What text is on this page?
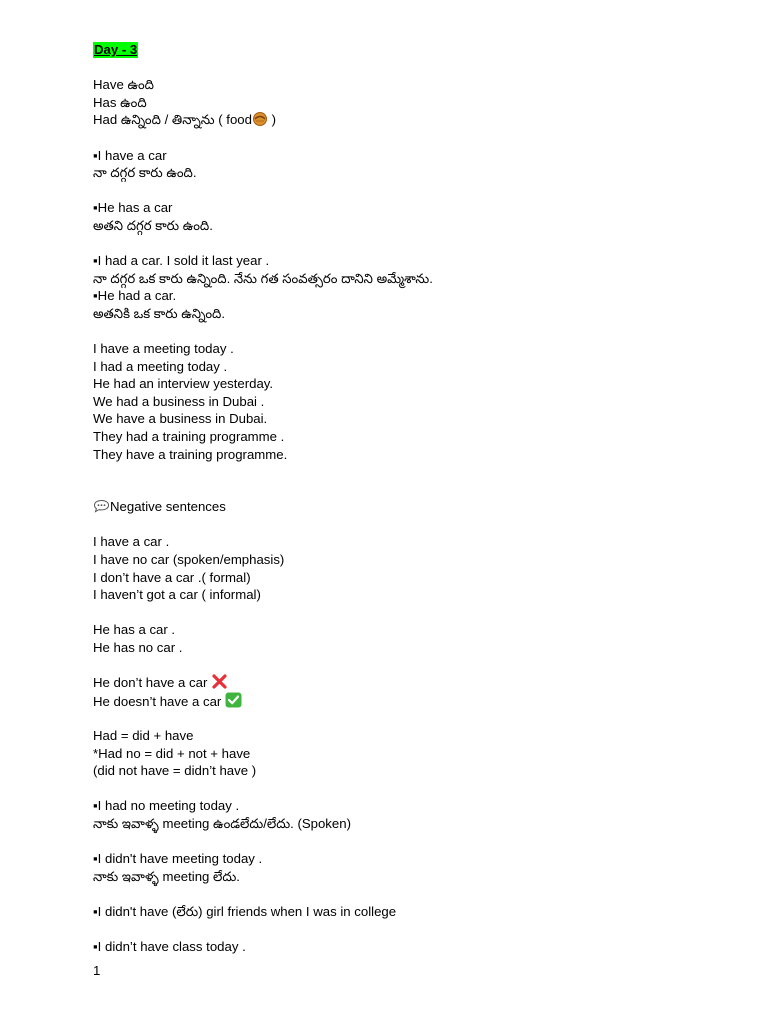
Day - 3
Have ఉంది
Has ఉంది
Had ఉన్నింది / తిన్నాను ( food )
▪I have a car
నా దగ్గర కారు ఉంది.
▪He has a car
అతని దగ్గర కారు ఉంది.
▪I had a car. I sold it last year .
నా దగ్గర ఒక కారు ఉన్నింది. నేను గత సంవత్సరం దానిని అమ్మేశాను.
▪He had a car.
అతనికి ఒక కారు ఉన్నింది.
I have a meeting today .
I had a meeting today .
He had an interview yesterday.
We had a business in Dubai .
We have a business in Dubai.
They had a training programme .
They have a training programme.
Negative sentences
I have a car .
I have no car (spoken/emphasis)
I don’t have a car .( formal)
I haven’t got a car ( informal)
He has a car .
He has no car .
He don’t have a car
He doesn’t have a car
Had = did + have
*Had no = did + not + have
(did not have = didn’t have )
▪I had no meeting today .
నాకు ఇవాళ్ళ meeting ఉండలేదు/లేదు. (Spoken)
▪I didn't have meeting today .
నాకు ఇవాళ్ళ meeting లేదు.
▪I didn't have (లేరు) girl friends when I was in college
▪I didn’t have class today .
1
